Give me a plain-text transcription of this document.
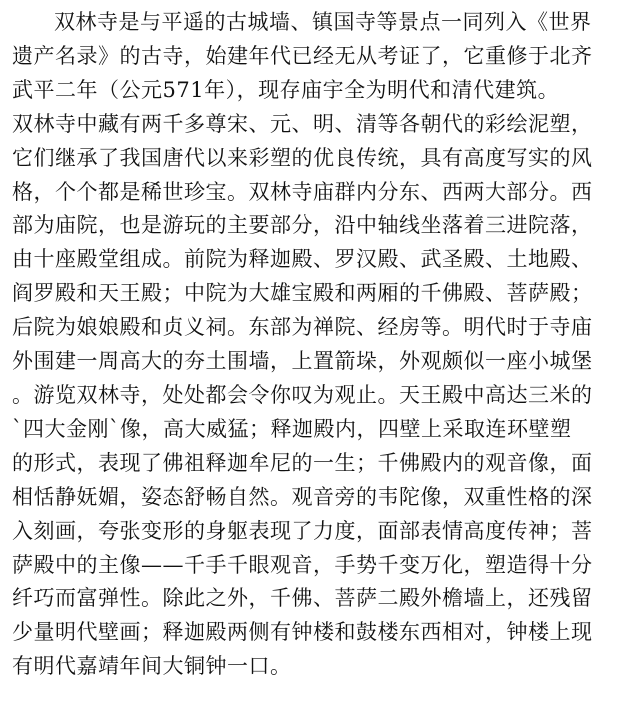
双林寺是与平遥的古城墙、镇国寺等景点一同列入《世界
遗产名录》的古寺，始建年代已经无从考证了，它重修于北齐
武平二年（公元571年），现存庙宇全为明代和清代建筑。

双林寺中藏有两千多尊宋、元、明、清等各朝代的彩绘泥塑，
它们继承了我国唐代以来彩塑的优良传统，具有高度写实的风
格，个个都是稀世珍宝。双林寺庙群内分东、西两大部分。西
部为庙院，也是游玩的主要部分，沿中轴线坐落着三进院落，
由十座殿堂组成。前院为释迦殿、罗汉殿、武圣殿、土地殿、
阎罗殿和天王殿；中院为大雄宝殿和两厢的千佛殿、菩萨殿；
后院为娘娘殿和贞义祠。东部为禅院、经房等。明代时于寺庙
外围建一周高大的夯土围墙，上置箭垛，外观颇似一座小城堡
。游览双林寺，处处都会令你叹为观止。天王殿中高达三米的
`四大金刚`像，高大威猛；释迦殿内，四壁上采取连环壁塑
的形式，表现了佛祖释迦牟尼的一生；千佛殿内的观音像，面
相恬静妩媚，姿态舒畅自然。观音旁的韦陀像，双重性格的深
入刻画，夸张变形的身躯表现了力度，面部表情高度传神；菩
萨殿中的主像——千手千眼观音，手势千变万化，塑造得十分
纤巧而富弹性。除此之外，千佛、菩萨二殿外檐墙上，还残留
少量明代壁画；释迦殿两侧有钟楼和鼓楼东西相对，钟楼上现
有明代嘉靖年间大铜钟一口。
